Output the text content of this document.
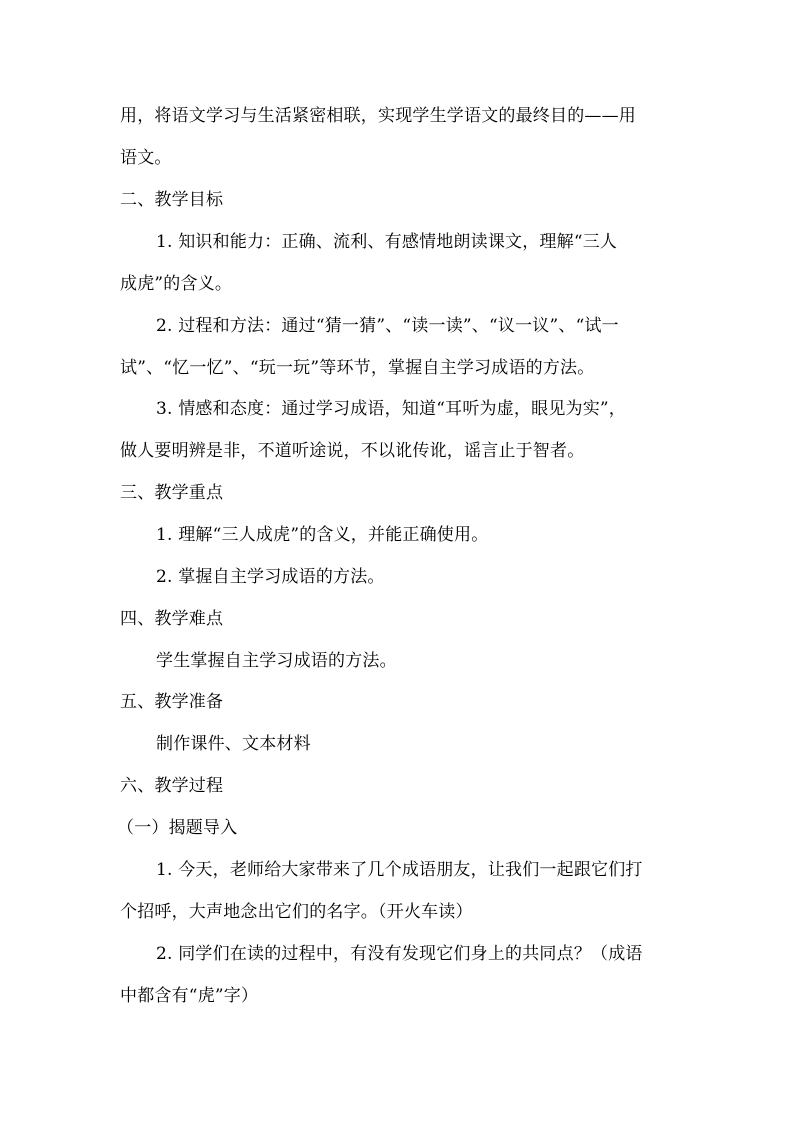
用，将语文学习与生活紧密相联，实现学生学语文的最终目的——用
语文。
二、教学目标
1. 知识和能力：正确、流利、有感情地朗读课文，理解“三人
成虎”的含义。
2. 过程和方法：通过“猜一猜”、“读一读”、“议一议”、“试一
试”、“忆一忆”、“玩一玩”等环节，掌握自主学习成语的方法。
3. 情感和态度：通过学习成语，知道“耳听为虚，眼见为实”，
做人要明辨是非，不道听途说，不以讹传讹，谣言止于智者。
三、教学重点
1. 理解“三人成虎”的含义，并能正确使用。
2. 掌握自主学习成语的方法。
四、教学难点
学生掌握自主学习成语的方法。
五、教学准备
制作课件、文本材料
六、教学过程
（一）揭题导入
1. 今天，老师给大家带来了几个成语朋友，让我们一起跟它们打
个招呼，大声地念出它们的名字。（开火车读）
2. 同学们在读的过程中，有没有发现它们身上的共同点？（成语
中都含有“虎”字）
